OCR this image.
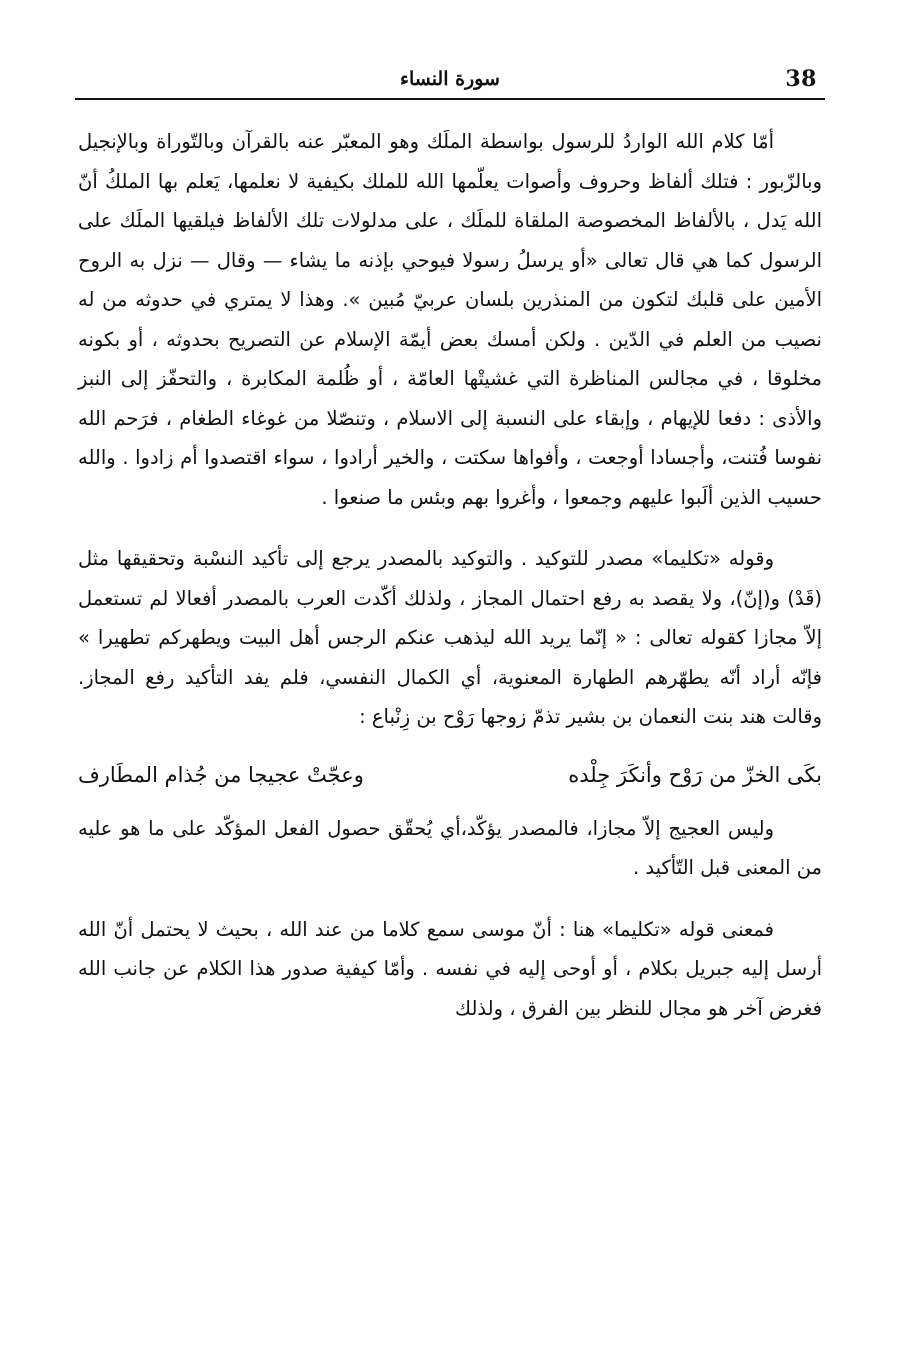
38
سورة النساء

أمّا كلام الله الواردُ للرسول بواسطة الملَك وهو المعبّر عنه بالقرآن وبالتّوراة وبالإنجيل وبالزّبور : فتلك ألفاظ وحروف وأصوات يعلّمها الله للملك بكيفية لا نعلمها، يَعلم بها الملكُ أنّ الله يَدل ، بالألفاظ المخصوصة الملقاة للملَك ، على مدلولات تلك الألفاظ فيلقيها الملَك على الرسول كما هي قال تعالى «أو يرسلُ رسولا فيوحي بإذنه ما يشاء — وقال — نزل به الروح الأمين على قلبك لتكون من المنذرين بلسان عربيّ مُبين ». وهذا لا يمتري في حدوثه من له نصيب من العلم في الدّين . ولكن أمسك بعض أيمّة الإسلام عن التصريح بحدوثه ، أو بكونه مخلوقا ، في مجالس المناظرة التي غشيتْها العامّة ، أو ظُلمة المكابرة ، والتحفّز إلى النبز والأذى : دفعا للإيهام ، وإبقاء على النسبة إلى الاسلام ، وتنصّلا من غوغاء الطغام ، فرَحم الله نفوسا فُتنت، وأجسادا أوجعت ، وأفواها سكتت ، والخير أرادوا ، سواء اقتصدوا أم زادوا . والله حسيب الذين ألَبوا عليهم وجمعوا ، وأغروا بهم وبئس ما صنعوا .

وقوله «تكليما» مصدر للتوكيد . والتوكيد بالمصدر يرجع إلى تأكيد النسْبة وتحقيقها مثل (قَدْ) و(إنّ)، ولا يقصد به رفع احتمال المجاز ، ولذلك أكّدت العرب بالمصدر أفعالا لم تستعمل إلاّ مجازا كقوله تعالى : « إنّما يريد الله ليذهب عنكم الرجس أهل البيت ويطهركم تطهيرا » فإنّه أراد أنّه يطهّرهم الطهارة المعنوية، أي الكمال النفسي، فلم يفد التأكيد رفع المجاز. وقالت هند بنت النعمان بن بشير تذمّ زوجها رَوْح بن زِنْباع :

بكَى الخزّ من رَوْح وأنكَرَ جِلْده
وعجّتْ عجيجا من جُذام المطَارف

وليس العجيج إلاّ مجازا، فالمصدر يؤكّد،أي يُحقّق حصول الفعل المؤكّد على ما هو عليه من المعنى قبل التّأكيد .

فمعنى قوله «تكليما» هنا : أنّ موسى سمع كلاما من عند الله ، بحيث لا يحتمل أنّ الله أرسل إليه جبريل بكلام ، أو أوحى إليه في نفسه . وأمّا كيفية صدور هذا الكلام عن جانب الله فغرض آخر هو مجال للنظر بين الفرق ، ولذلك
